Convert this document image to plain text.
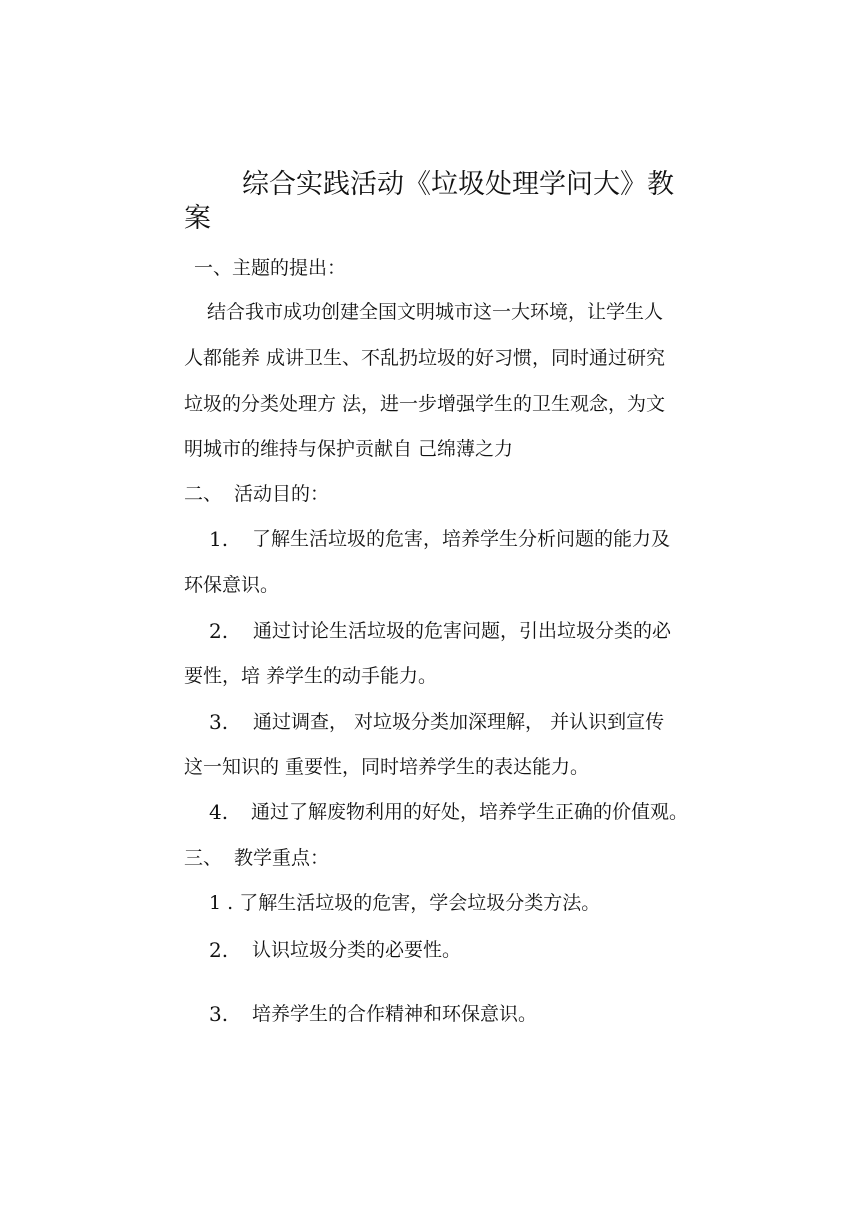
综合实践活动《垃圾处理学问大》教
案
一、主题的提出：
结合我市成功创建全国文明城市这一大环境，让学生人
人都能养 成讲卫生、不乱扔垃圾的好习惯，同时通过研究
垃圾的分类处理方 法，进一步增强学生的卫生观念，为文
明城市的维持与保护贡献自 己绵薄之力
二、 活动目的：
1. 了解生活垃圾的危害，培养学生分析问题的能力及
环保意识。
2. 通过讨论生活垃圾的危害问题，引出垃圾分类的必
要性，培 养学生的动手能力。
3. 通过调查， 对垃圾分类加深理解， 并认识到宣传
这一知识的 重要性，同时培养学生的表达能力。
4. 通过了解废物利用的好处，培养学生正确的价值观。
三、 教学重点：
1 . 了解生活垃圾的危害，学会垃圾分类方法。
2. 认识垃圾分类的必要性。
3. 培养学生的合作精神和环保意识。
